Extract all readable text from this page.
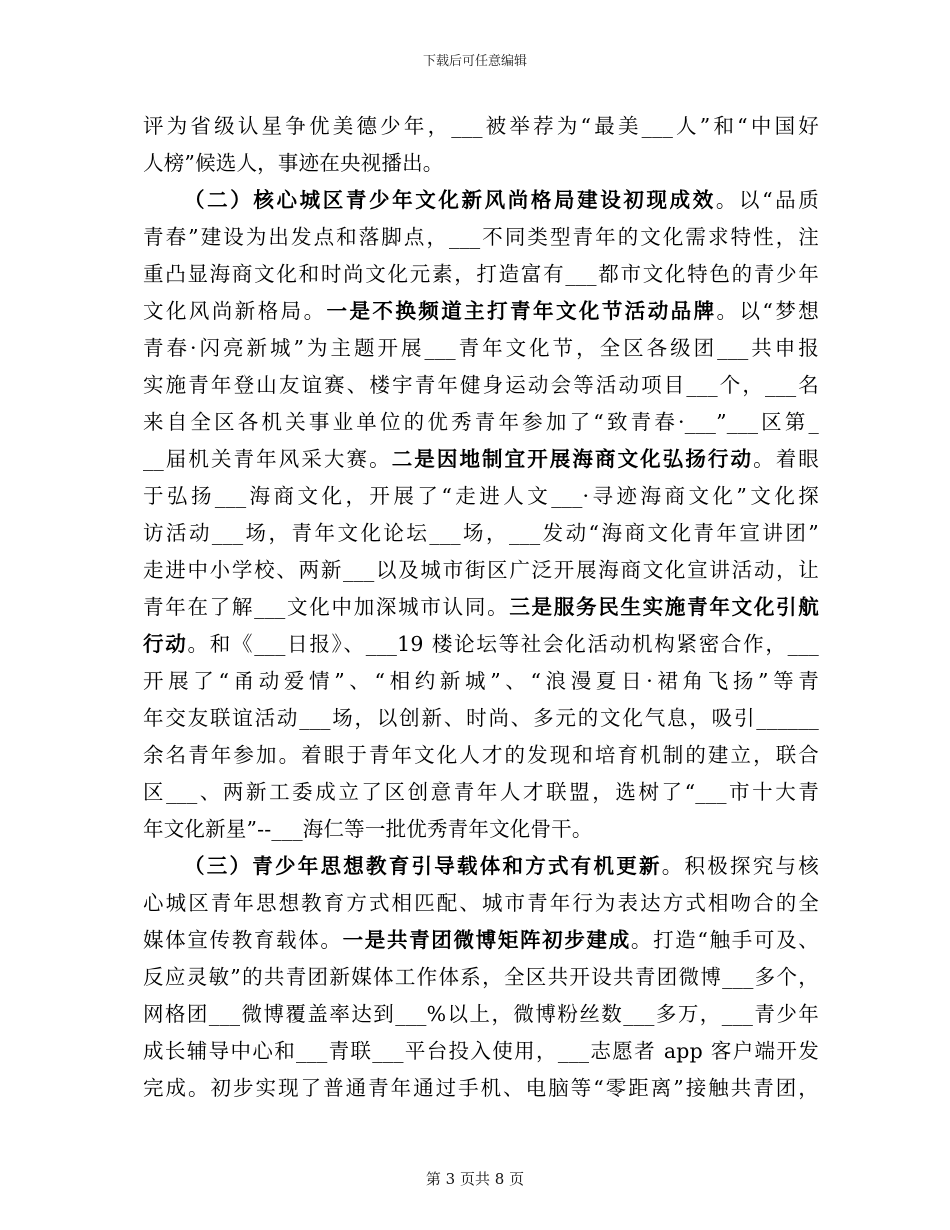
下载后可任意编辑
评为省级认星争优美德少年，___被举荐为“最美___人”和“中国好
人榜”候选人，事迹在央视播出。
（二）核心城区青少年文化新风尚格局建设初现成效。以“品质
青春”建设为出发点和落脚点，___不同类型青年的文化需求特性，注
重凸显海商文化和时尚文化元素，打造富有___都市文化特色的青少年
文化风尚新格局。一是不换频道主打青年文化节活动品牌。以“梦想
青春·闪亮新城”为主题开展___青年文化节，全区各级团___共申报
实施青年登山友谊赛、楼宇青年健身运动会等活动项目___个，___名
来自全区各机关事业单位的优秀青年参加了“致青春·___”___区第_
__届机关青年风采大赛。二是因地制宜开展海商文化弘扬行动。着眼
于弘扬___海商文化，开展了“走进人文___·寻迹海商文化”文化探
访活动___场，青年文化论坛___场，___发动“海商文化青年宣讲团”
走进中小学校、两新___以及城市街区广泛开展海商文化宣讲活动，让
青年在了解___文化中加深城市认同。三是服务民生实施青年文化引航
行动。和《___日报》、___19 楼论坛等社会化活动机构紧密合作，___
开展了“甬动爱情”、“相约新城”、“浪漫夏日·裙角飞扬”等青
年交友联谊活动___场，以创新、时尚、多元的文化气息，吸引______
余名青年参加。着眼于青年文化人才的发现和培育机制的建立，联合
区___、两新工委成立了区创意青年人才联盟，选树了“___市十大青
年文化新星”--___海仁等一批优秀青年文化骨干。
（三）青少年思想教育引导载体和方式有机更新。积极探究与核
心城区青年思想教育方式相匹配、城市青年行为表达方式相吻合的全
媒体宣传教育载体。一是共青团微博矩阵初步建成。打造“触手可及、
反应灵敏”的共青团新媒体工作体系，全区共开设共青团微博___多个，
网格团___微博覆盖率达到___%以上，微博粉丝数___多万，___青少年
成长辅导中心和___青联___平台投入使用，___志愿者 app 客户端开发
完成。初步实现了普通青年通过手机、电脑等“零距离”接触共青团，
第 3 页共 8 页
